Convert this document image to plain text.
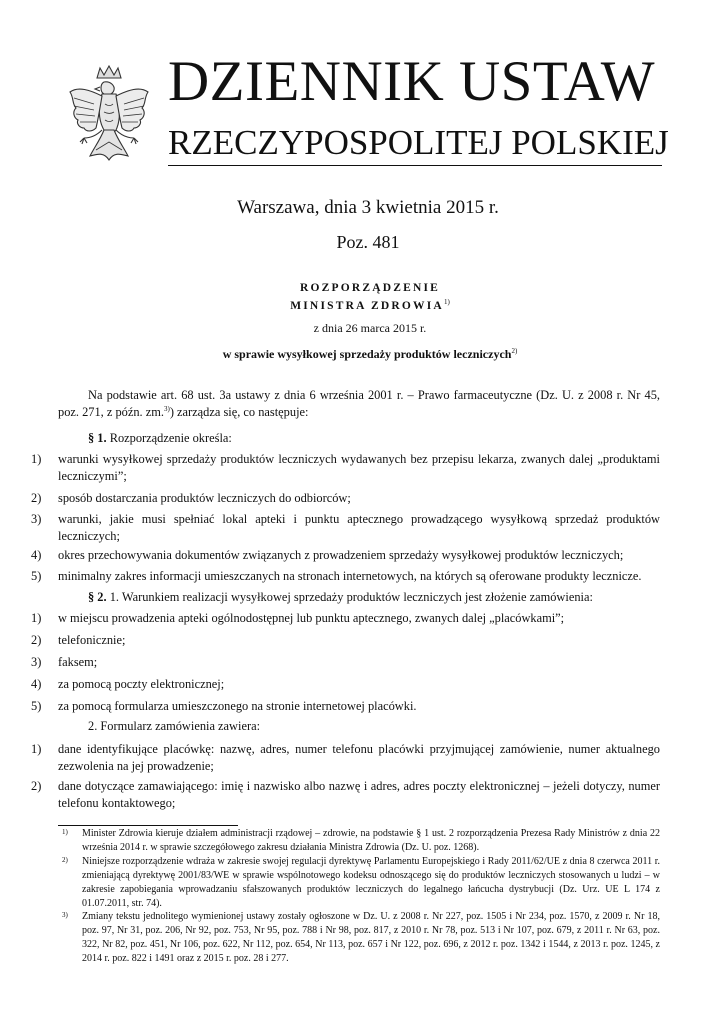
DZIENNIK USTAW
RZECZYPOSPOLITEJ POLSKIEJ
Warszawa, dnia 3 kwietnia 2015 r.
Poz. 481
ROZPORZĄDZENIE
MINISTRA ZDROWIA$^{1)}$
z dnia 26 marca 2015 r.
w sprawie wysyłkowej sprzedaży produktów leczniczych$^{2)}$
Na podstawie art. 68 ust. 3a ustawy z dnia 6 września 2001 r. – Prawo farmaceutyczne (Dz. U. z 2008 r. Nr 45, poz. 271, z późn. zm.$^{3)}$) zarządza się, co następuje:
§ 1. Rozporządzenie określa:
1) warunki wysyłkowej sprzedaży produktów leczniczych wydawanych bez przepisu lekarza, zwanych dalej „produktami leczniczymi”;
2) sposób dostarczania produktów leczniczych do odbiorców;
3) warunki, jakie musi spełniać lokal apteki i punktu aptecznego prowadzącego wysyłkową sprzedaż produktów leczniczych;
4) okres przechowywania dokumentów związanych z prowadzeniem sprzedaży wysyłkowej produktów leczniczych;
5) minimalny zakres informacji umieszczanych na stronach internetowych, na których są oferowane produkty lecznicze.
§ 2. 1. Warunkiem realizacji wysyłkowej sprzedaży produktów leczniczych jest złożenie zamówienia:
1) w miejscu prowadzenia apteki ogólnodostępnej lub punktu aptecznego, zwanych dalej „placówkami”;
2) telefonicznie;
3) faksem;
4) za pomocą poczty elektronicznej;
5) za pomocą formularza umieszczonego na stronie internetowej placówki.
2. Formularz zamówienia zawiera:
1) dane identyfikujące placówkę: nazwę, adres, numer telefonu placówki przyjmującej zamówienie, numer aktualnego zezwolenia na jej prowadzenie;
2) dane dotyczące zamawiającego: imię i nazwisko albo nazwę i adres, adres poczty elektronicznej – jeżeli dotyczy, numer telefonu kontaktowego;
1) Minister Zdrowia kieruje działem administracji rządowej – zdrowie, na podstawie § 1 ust. 2 rozporządzenia Prezesa Rady Ministrów z dnia 22 września 2014 r. w sprawie szczegółowego zakresu działania Ministra Zdrowia (Dz. U. poz. 1268).
2) Niniejsze rozporządzenie wdraża w zakresie swojej regulacji dyrektywę Parlamentu Europejskiego i Rady 2011/62/UE z dnia 8 czerwca 2011 r. zmieniającą dyrektywę 2001/83/WE w sprawie wspólnotowego kodeksu odnoszącego się do produktów leczniczych stosowanych u ludzi – w zakresie zapobiegania wprowadzaniu sfałszowanych produktów leczniczych do legalnego łańcucha dystrybucji (Dz. Urz. UE L 174 z 01.07.2011, str. 74).
3) Zmiany tekstu jednolitego wymienionej ustawy zostały ogłoszone w Dz. U. z 2008 r. Nr 227, poz. 1505 i Nr 234, poz. 1570, z 2009 r. Nr 18, poz. 97, Nr 31, poz. 206, Nr 92, poz. 753, Nr 95, poz. 788 i Nr 98, poz. 817, z 2010 r. Nr 78, poz. 513 i Nr 107, poz. 679, z 2011 r. Nr 63, poz. 322, Nr 82, poz. 451, Nr 106, poz. 622, Nr 112, poz. 654, Nr 113, poz. 657 i Nr 122, poz. 696, z 2012 r. poz. 1342 i 1544, z 2013 r. poz. 1245, z 2014 r. poz. 822 i 1491 oraz z 2015 r. poz. 28 i 277.
